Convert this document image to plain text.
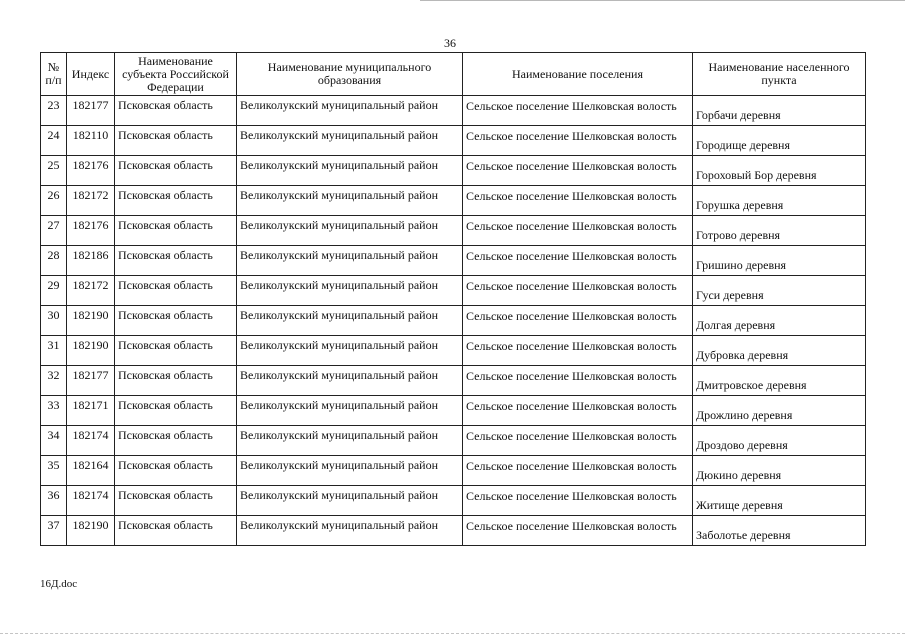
36
№ п/п	Индекс	Наименование субъекта Российской Федерации	Наименование муниципального образования	Наименование поселения	Наименование населенного пункта
23	182177	Псковская область	Великолукский муниципальный район	Сельское поселение Шелковская волость	Горбачи деревня
24	182110	Псковская область	Великолукский муниципальный район	Сельское поселение Шелковская волость	Городище деревня
25	182176	Псковская область	Великолукский муниципальный район	Сельское поселение Шелковская волость	Гороховый Бор деревня
26	182172	Псковская область	Великолукский муниципальный район	Сельское поселение Шелковская волость	Горушка деревня
27	182176	Псковская область	Великолукский муниципальный район	Сельское поселение Шелковская волость	Готрово деревня
28	182186	Псковская область	Великолукский муниципальный район	Сельское поселение Шелковская волость	Гришино деревня
29	182172	Псковская область	Великолукский муниципальный район	Сельское поселение Шелковская волость	Гуси деревня
30	182190	Псковская область	Великолукский муниципальный район	Сельское поселение Шелковская волость	Долгая деревня
31	182190	Псковская область	Великолукский муниципальный район	Сельское поселение Шелковская волость	Дубровка деревня
32	182177	Псковская область	Великолукский муниципальный район	Сельское поселение Шелковская волость	Дмитровское деревня
33	182171	Псковская область	Великолукский муниципальный район	Сельское поселение Шелковская волость	Дрожлино деревня
34	182174	Псковская область	Великолукский муниципальный район	Сельское поселение Шелковская волость	Дроздово деревня
35	182164	Псковская область	Великолукский муниципальный район	Сельское поселение Шелковская волость	Дюкино деревня
36	182174	Псковская область	Великолукский муниципальный район	Сельское поселение Шелковская волость	Житище деревня
37	182190	Псковская область	Великолукский муниципальный район	Сельское поселение Шелковская волость	Заболотье деревня
16Д.doc
